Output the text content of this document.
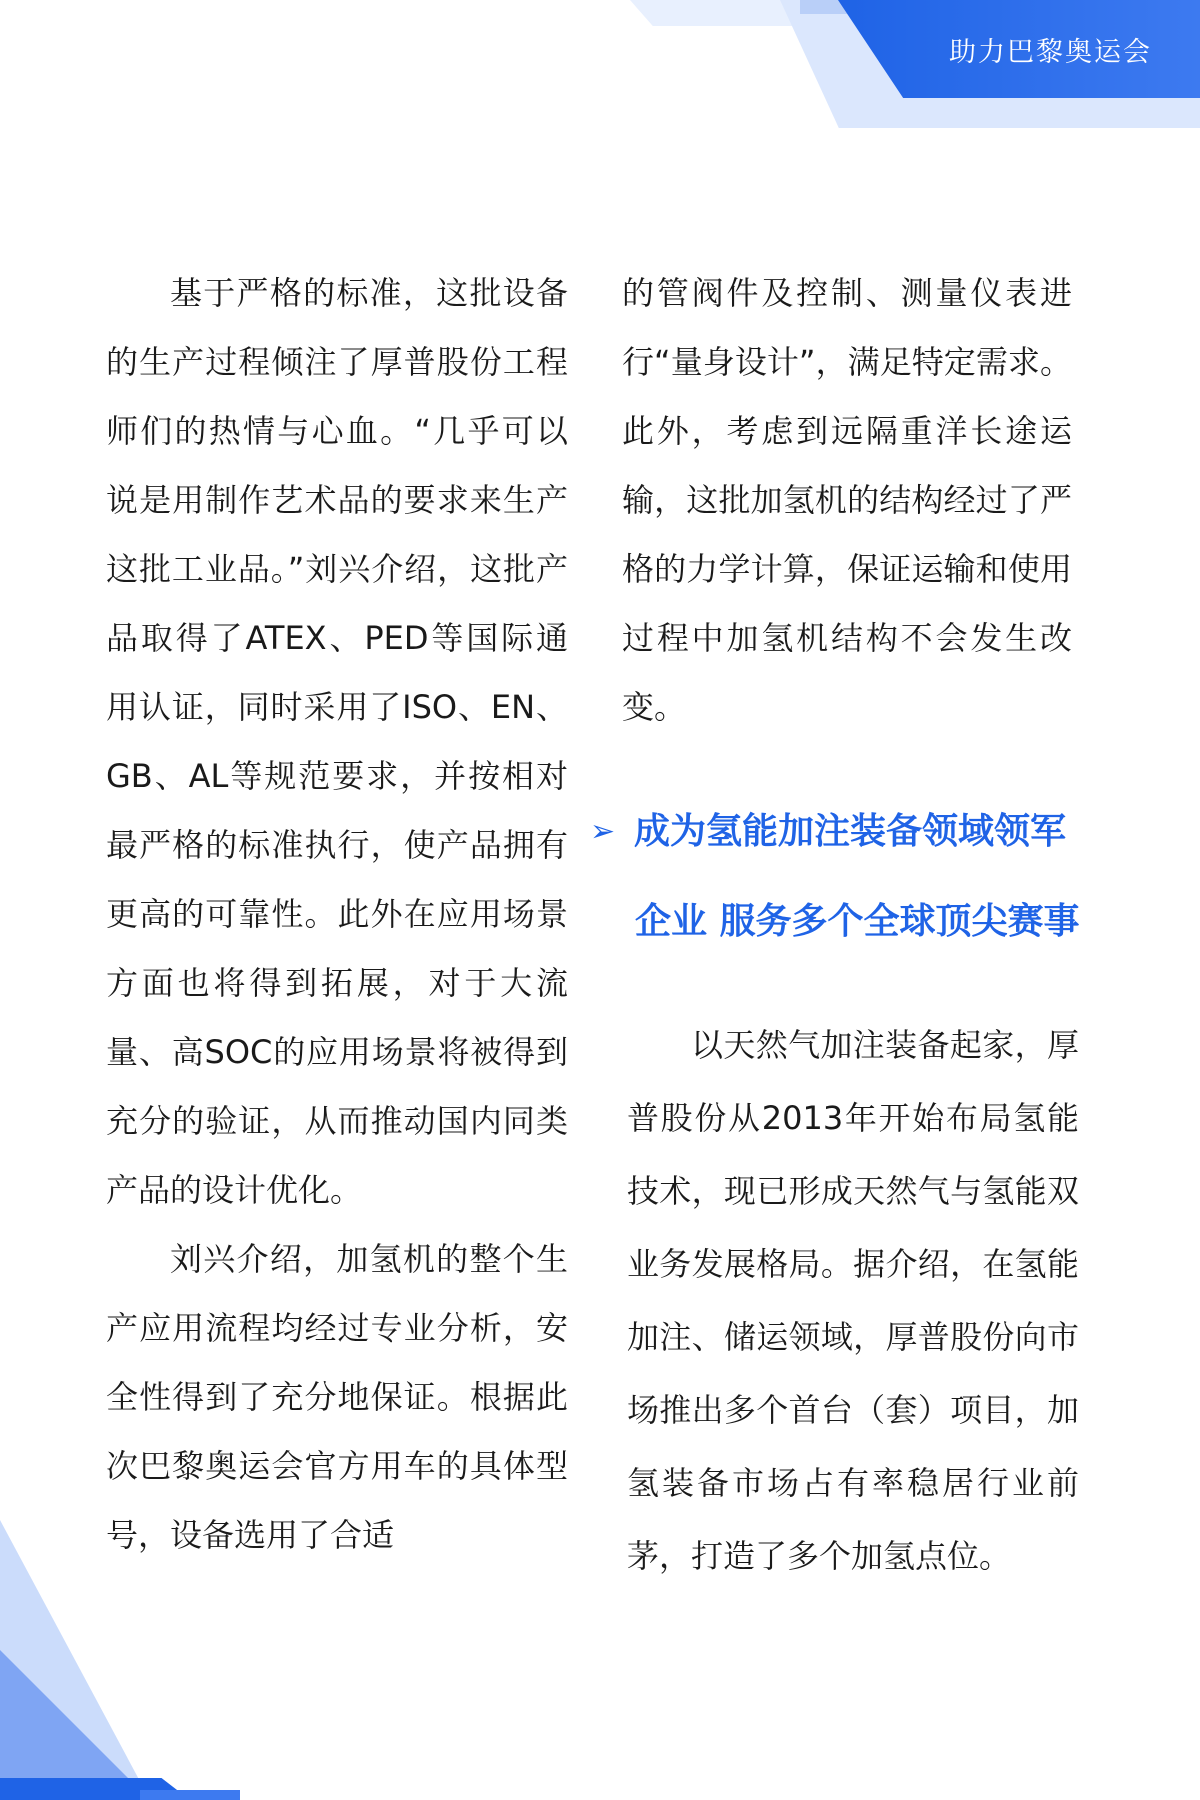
助力巴黎奥运会

基于严格的标准，这批设备的生产过程倾注了厚普股份工程师们的热情与心血。“几乎可以说是用制作艺术品的要求来生产这批工业品。”刘兴介绍，这批产品取得了ATEX、PED等国际通用认证，同时采用了ISO、EN、GB、AL等规范要求，并按相对最严格的标准执行，使产品拥有更高的可靠性。此外在应用场景方面也将得到拓展，对于大流量、高SOC的应用场景将被得到充分的验证，从而推动国内同类产品的设计优化。

刘兴介绍，加氢机的整个生产应用流程均经过专业分析，安全性得到了充分地保证。根据此次巴黎奥运会官方用车的具体型号，设备选用了合适

的管阀件及控制、测量仪表进行“量身设计”，满足特定需求。此外，考虑到远隔重洋长途运输，这批加氢机的结构经过了严格的力学计算，保证运输和使用过程中加氢机结构不会发生改变。

➢ 成为氢能加注装备领域领军
企业 服务多个全球顶尖赛事

以天然气加注装备起家，厚普股份从2013年开始布局氢能技术，现已形成天然气与氢能双业务发展格局。据介绍，在氢能加注、储运领域，厚普股份向市场推出多个首台（套）项目，加氢装备市场占有率稳居行业前茅，打造了多个加氢点位。
